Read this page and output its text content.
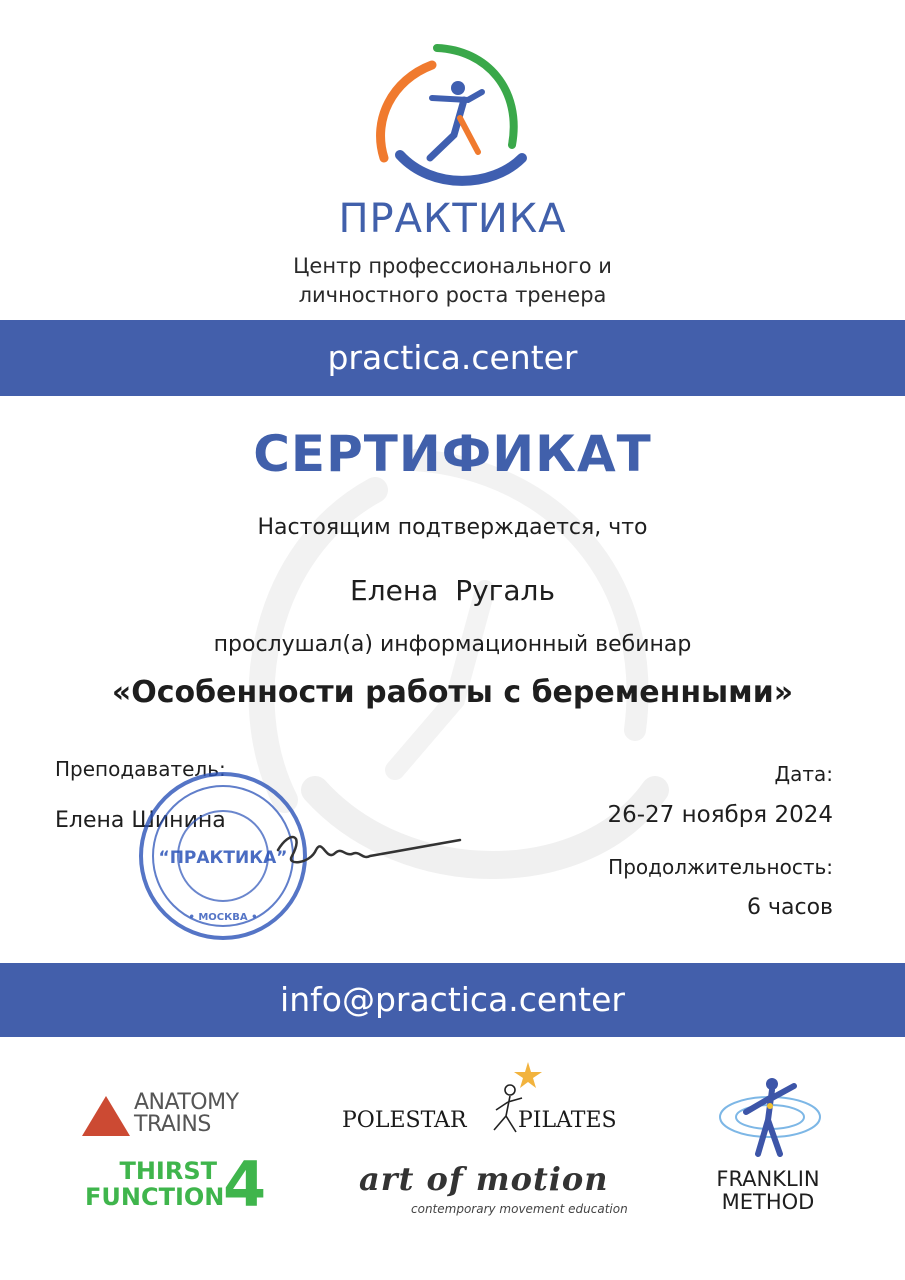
ПРАКТИКА
Центр профессионального и
личностного роста тренера
practica.center
СЕРТИФИКАТ
Настоящим подтверждается, что
Елена Ругаль
прослушал(а) информационный вебинар
«Особенности работы с беременными»
Преподаватель:
Елена Шинина
“ПРАКТИКА”
• МОСКВА •
Дата:
26-27 ноября 2024
Продолжительность:
6 часов
info@practica.center
ANATOMY
TRAINS
THIRST
FUNCTION
4
POLESTAR PILATES
art of motion
contemporary movement education
FRANKLIN
METHOD
